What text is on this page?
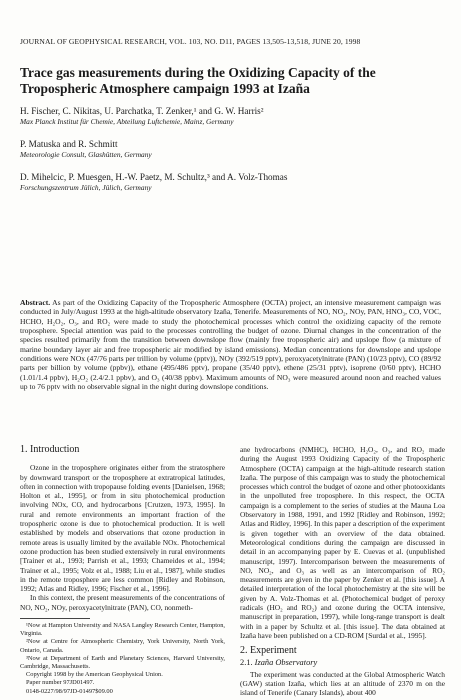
JOURNAL OF GEOPHYSICAL RESEARCH, VOL. 103, NO. D11, PAGES 13,505-13,518, JUNE 20, 1998
Trace gas measurements during the Oxidizing Capacity of the Tropospheric Atmosphere campaign 1993 at Izaña
H. Fischer, C. Nikitas, U. Parchatka, T. Zenker,¹ and G. W. Harris²
Max Planck Institut für Chemie, Abteilung Luftchemie, Mainz, Germany
P. Matuska and R. Schmitt
Meteorologie Consult, Glashütten, Germany
D. Mihelcic, P. Muesgen, H.-W. Paetz, M. Schultz,³ and A. Volz-Thomas
Forschungszentrum Jülich, Jülich, Germany
Abstract. As part of the Oxidizing Capacity of the Tropospheric Atmosphere (OCTA) project, an intensive measurement campaign was conducted in July/August 1993 at the high-altitude observatory Izaña, Tenerife. Measurements of NO, NO₂, NOy, PAN, HNO₃, CO, VOC, HCHO, H₂O₂, O₃, and RO₂ were made to study the photochemical processes which control the oxidizing capacity of the remote troposphere. Special attention was paid to the processes controlling the budget of ozone. Diurnal changes in the concentration of the species resulted primarily from the transition between downslope flow (mainly free tropospheric air) and upslope flow (a mixture of marine boundary layer air and free tropospheric air modified by island emissions). Median concentrations for downslope and upslope conditions were NOx (47/76 parts per trillion by volume (pptv)), NOy (392/519 pptv), peroxyacetylnitrate (PAN) (10/23 pptv), CO (89/92 parts per billion by volume (ppbv)), ethane (495/486 pptv), propane (35/40 pptv), ethene (25/31 pptv), isoprene (0/60 pptv), HCHO (1.01/1.4 ppbv), H₂O₂ (2.4/2.1 ppbv), and O₃ (40/38 ppbv). Maximum amounts of NO₃ were measured around noon and reached values up to 76 pptv with no observable signal in the night during downslope conditions.
1. Introduction

Ozone in the troposphere originates either from the stratosphere by downward transport or the troposphere at extratropical latitudes, often in connection with tropopause folding events [Danielsen, 1968; Holton et al., 1995], or from in situ photochemical production involving NOx, CO, and hydrocarbons [Crutzen, 1973, 1995]. In rural and remote environments an important fraction of the tropospheric ozone is due to photochemical production. It is well established by models and observations that ozone production in remote areas is usually limited by the available NOx. Photochemical ozone production has been studied extensively in rural environments [Trainer et al., 1993; Parrish et al., 1993; Chameides et al., 1994; Trainer et al., 1995; Volz et al., 1988; Liu et al., 1987], while studies in the remote troposphere are less common [Ridley and Robinson, 1992; Atlas and Ridley, 1996; Fischer et al., 1996].

In this context, the present measurements of the concentrations of NO, NO₂, NOy, peroxyacetylnitrate (PAN), CO, nonmeth-

¹Now at Hampton University and NASA Langley Research Center, Hampton, Virginia.
²Now at Centre for Atmospheric Chemistry, York University, North York, Ontario, Canada.
³Now at Department of Earth and Planetary Sciences, Harvard University, Cambridge, Massachusetts.
Copyright 1998 by the American Geophysical Union.
Paper number 97JD01497.
0148-0227/98/97JD-01497$09.00

ane hydrocarbons (NMHC), HCHO, H₂O₂, O₃, and RO₂ made during the August 1993 Oxidizing Capacity of the Tropospheric Atmosphere (OCTA) campaign at the high-altitude research station Izaña. The purpose of this campaign was to study the photochemical processes which control the budget of ozone and other photooxidants in the unpolluted free troposphere. In this respect, the OCTA campaign is a complement to the series of studies at the Mauna Loa Observatory in 1988, 1991, and 1992 [Ridley and Robinson, 1992; Atlas and Ridley, 1996]. In this paper a description of the experiment is given together with an overview of the data obtained. Meteorological conditions during the campaign are discussed in detail in an accompanying paper by E. Cuevas et al. (unpublished manuscript, 1997). Intercomparison between the measurements of NO, NO₂, and O₃ as well as an intercomparison of RO₂ measurements are given in the paper by Zenker et al. [this issue]. A detailed interpretation of the local photochemistry at the site will be given by A. Volz-Thomas et al. (Photochemical budget of peroxy radicals (HO₂ and RO₂) and ozone during the OCTA intensive, manuscript in preparation, 1997), while long-range transport is dealt with in a paper by Schultz et al. [this issue]. The data obtained at Izaña have been published on a CD-ROM [Surdal et al., 1995].

2. Experiment
2.1. Izaña Observatory

The experiment was conducted at the Global Atmospheric Watch (GAW) station Izaña, which lies at an altitude of 2370 m on the island of Tenerife (Canary Islands), about 400
